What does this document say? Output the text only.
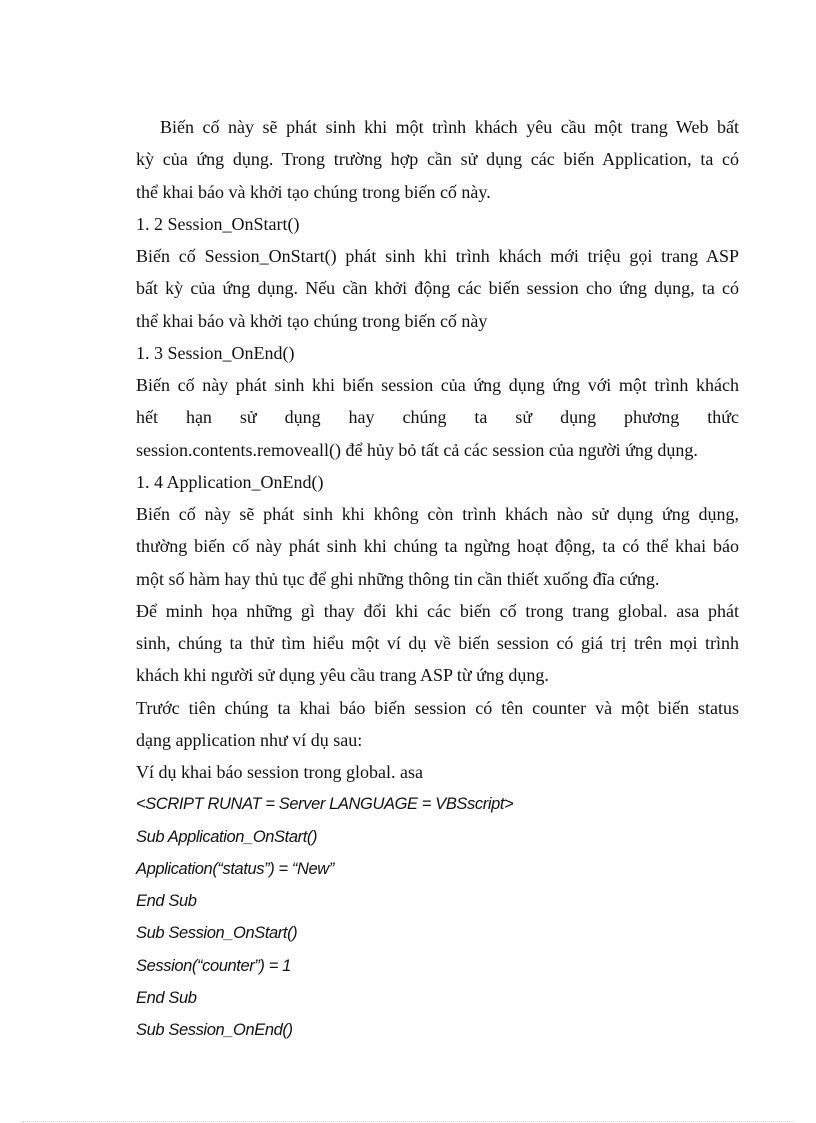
Biến cố này sẽ phát sinh khi một trình khách yêu cầu một trang Web bất
kỳ của ứng dụng. Trong trường hợp cần sử dụng các biến Application, ta có
thể khai báo và khởi tạo chúng trong biến cố này.
1. 2 Session_OnStart()
Biến cố Session_OnStart() phát sinh khi trình khách mới triệu gọi trang ASP
bất kỳ của ứng dụng. Nếu cần khởi động các biến session cho ứng dụng, ta có
thể khai báo và khởi tạo chúng trong biến cố này
1. 3 Session_OnEnd()
Biến cố này phát sinh khi biến session của ứng dụng ứng với một trình khách
hết hạn sử dụng hay chúng ta sử dụng phương thức
session.contents.removeall() để hủy bỏ tất cả các session của người ứng dụng.
1. 4 Application_OnEnd()
Biến cố này sẽ phát sinh khi không còn trình khách nào sử dụng ứng dụng,
thường biến cố này phát sinh khi chúng ta ngừng hoạt động, ta có thể khai báo
một số hàm hay thủ tục để ghi những thông tin cần thiết xuống đĩa cứng.
Để minh họa những gì thay đổi khi các biến cố trong trang global. asa phát
sinh, chúng ta thử tìm hiểu một ví dụ về biến session có giá trị trên mọi trình
khách khi người sử dụng yêu cầu trang ASP từ ứng dụng.
Trước tiên chúng ta khai báo biến session có tên counter và một biến status
dạng application như ví dụ sau:
Ví dụ khai báo session trong global. asa
<SCRIPT RUNAT = Server LANGUAGE = VBSscript>
Sub Application_OnStart()
Application(“status”) = “New”
End Sub
Sub Session_OnStart()
Session(“counter”) = 1
End Sub
Sub Session_OnEnd()
